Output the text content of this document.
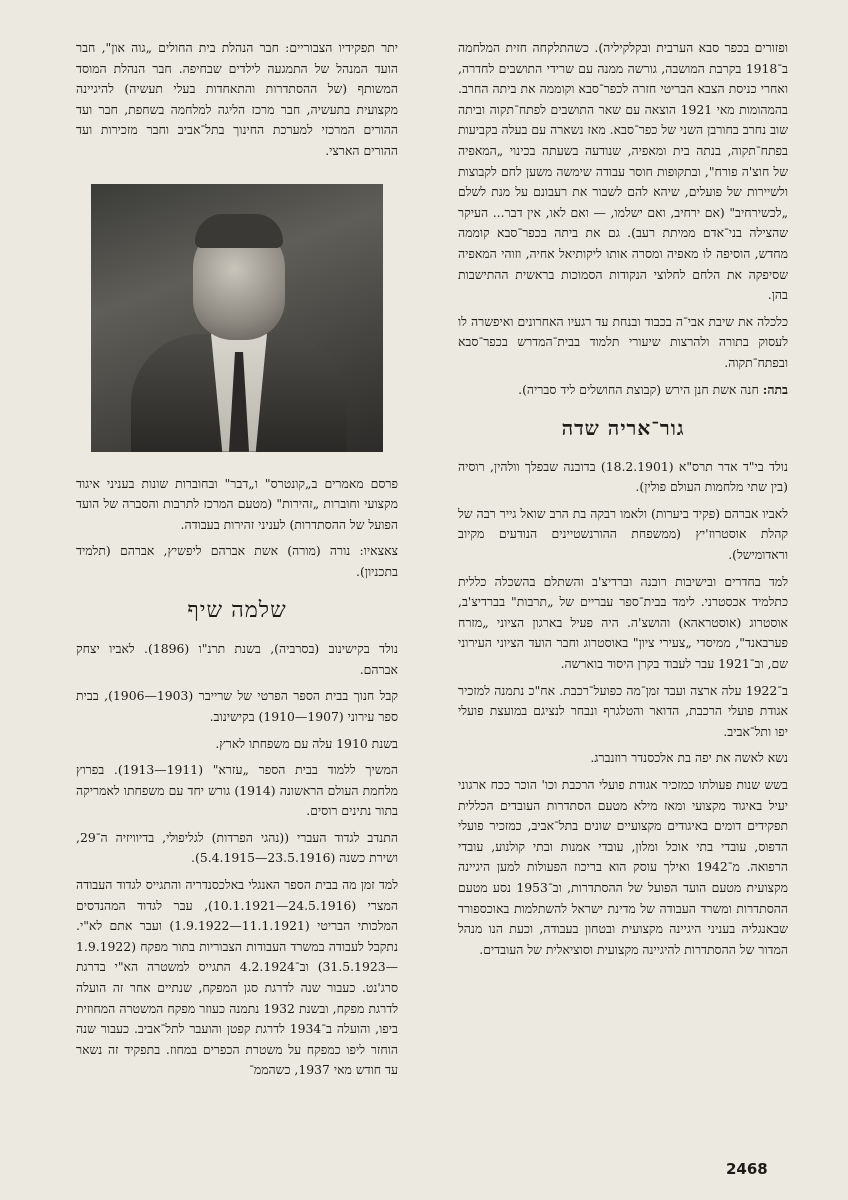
ופזורים בכפר סבא הערבית ובקלקיליה). כשהתלקחה חזית המלחמה ב־1918 בקרבת המושבה, גורשה ממנה עם שרידי התושבים לחדרה, ואחרי כניסת הצבא הבריטי חזרה לכפר־סבא וקוממה את ביתה החרב. בהמהומות מאי 1921 הוצאה עם שאר התושבים לפתח־תקוה וביתה שוב נחרב בחורבן השני של כפר־סבא. מאז נשארה עם בעלה בקביעות בפתח־תקוה, בנתה בית ומאפיה, שנודעה בשעתה בכינוי „המאפיה של חוצ'ה פורח", ובתקופות חוסר עבודה שימשה משען לחם לקבוצות ולשיירות של פועלים, שיהא להם לשבור את רעבונם על מנת לשלם „לכשירחיב" (אם ירחיב, ואם ישלמו, — ואם לאו, אין דבר... העיקר שהצילה בני־אדם ממיתת רעב). גם את ביתה בכפר־סבא קוממה מחדש, הוסיפה לו מאפיה ומסרה אותו ליקותיאל אחיה, וזוהי המאפיה שסיפקה את הלחם לחלוצי הנקודות הסמוכות בראשית ההתישבות בהן.

כלכלה את שיבת אבי־ה בכבוד ובנחת עד רגעיו האחרונים ואיפשרה לו לעסוק בתורה ולהרצות שיעורי תלמוד בבית־המדרש בכפר־סבא ובפתח־תקוה.

בתה: חנה אשת חנן הירש (קבוצת החושלים ליד סבריה).

גור־אריה שדה

נולד בי"ד אדר תרס"א (18.2.1901) בדובנה שבפלך וולהין, רוסיה (בין שתי מלחמות העולם פולין).

לאביו אברהם (פקיד ביערות) ולאמו רבקה בת הרב שואל גייר רבה של קהלת אוסטרוז'יץ (ממשפחת ההורנשטיינים הנודעים מקיוב וראדומישל).

למד בחדרים ובישיבות רובנה וברדיצ'ב והשתלם בהשכלה כללית כתלמיד אכסטרני. לימד בבית־ספר עבריים של „תרבות" בברדיצ'ב, אוסטרוג (אוסטראהא) והושצ'ה. היה פעיל בארגון הציוני „מזרח פערבאנד", ממיסדי „צעירי ציון" באוסטרוג וחבר הועד הציוני העירוני שם, וב־1921 עבר לעבוד בקרן היסוד בוארשה.

ב־1922 עלה ארצה ועבד זמן־מה כפועל־רכבת. אח"כ נתמנה למזכיר אגודת פועלי הרכבת, הדואר והטלגרף ונבחר לנציגם במועצת פועלי יפו ותל־אביב.

נשא לאשה את יפה בת אלכסנדר רוזנברג.

בשש שנות פעולתו כמזכיר אגודת פועלי הרכבת וכו' הוכר ככח ארגוני יעיל באיגוד מקצועי ומאז מילא מטעם הסתדרות העובדים הכללית תפקידים דומים באיגודים מקצועיים שונים בתל־אביב, כמזכיר פועלי הדפוס, עובדי בתי אוכל ומלון, עובדי אמנות ובתי קולנוע, עובדי הרפואה. מ־1942 ואילך עוסק הוא בריכוז הפעולות למען היגיינה מקצועית מטעם הועד הפועל של ההסתדרות, וב־1953 נסע מטעם ההסתדרות ומשרד העבודה של מדינת ישראל להשתלמות באוכספורד שבאנגליה בעניני היגיינה מקצועית ובטחון בעבודה, וכעת הנו מנהל המדור של ההסתדרות להיגיינה מקצועית וסוציאלית של העובדים.

יתר תפקידיו הצבוריים: חבר הנהלת בית החולים „גוה און", חבר הועד המנהל של התמגעה לילדים שבחיפה. חבר הנהלת המוסד המשותף (של ההסתדרות והתאחדות בעלי תעשיה) להיגיינה מקצועית בתעשיה, חבר מרכז הליגה למלחמה בשחפת, חבר ועד ההורים המרכזי למערכת החינוך בתל־אביב וחבר מזכירות ועד ההורים הארצי.

פרסם מאמרים ב„קונטרס" ו„דבר" ובחוברות שונות בעניני איגוד מקצועי וחוברות „זהירות" (מטעם המרכז לתרבות והסברה של הועד הפועל של ההסתדרות) לעניני זהירות בעבודה.

צאצאיו: נורה (מורה) אשת אברהם ליפשיץ, אברהם (תלמיד בתכניון).

שלמה שיף

נולד בקישינוב (בסרביה), בשנת תרנ"ו (1896). לאביו יצחק אברהם.

קבל חנוך בבית הספר הפרטי של שרייבר (1903—1906), בבית ספר עירוני (1907—1910) בקישינוב.

בשנת 1910 עלה עם משפחתו לארץ.

המשיך ללמוד בבית הספר „עזרא" (1911—1913). בפרוץ מלחמת העולם הראשונה (1914) גורש יחד עם משפחתו לאמריקה בתור נתינים רוסים.

התנדב לגדוד העברי ((נהגי הפרדות) לגליפולי, בדיוויזיה ה־29, ושירת כשנה (23.5.1916—5.4.1915).

למד זמן מה בבית הספר האנגלי באלכסנדריה והתגייס לגדוד העבודה המצרי (24.5.1916—10.1.1921), עבר לגדוד המהנדסים המלכותי הבריטי (11.1.1921—1.9.1922) ועבר אתם לא"י. נתקבל לעבודה במשרד העבודות הצבוריות בתור מפקח (1.9.1922—31.5.1923) וב־4.2.1924 התגייס למשטרה הא"י בדרגת סרג'נט. כעבור שנה לדרגת סגן המפקח, שנתיים אחר זה הועלה לדרגת מפקח, ובשנת 1932 נתמנה כעוזר מפקח המשטרה המחוזית ביפו, והועלה ב־1934 לדרגת קפטן והועבר לתל־אביב. כעבור שנה הוחזר ליפו כמפקח על משטרת הכפרים במחוז. בתפקיד זה נשאר עד חודש מאי 1937, כשהממ־

2468
